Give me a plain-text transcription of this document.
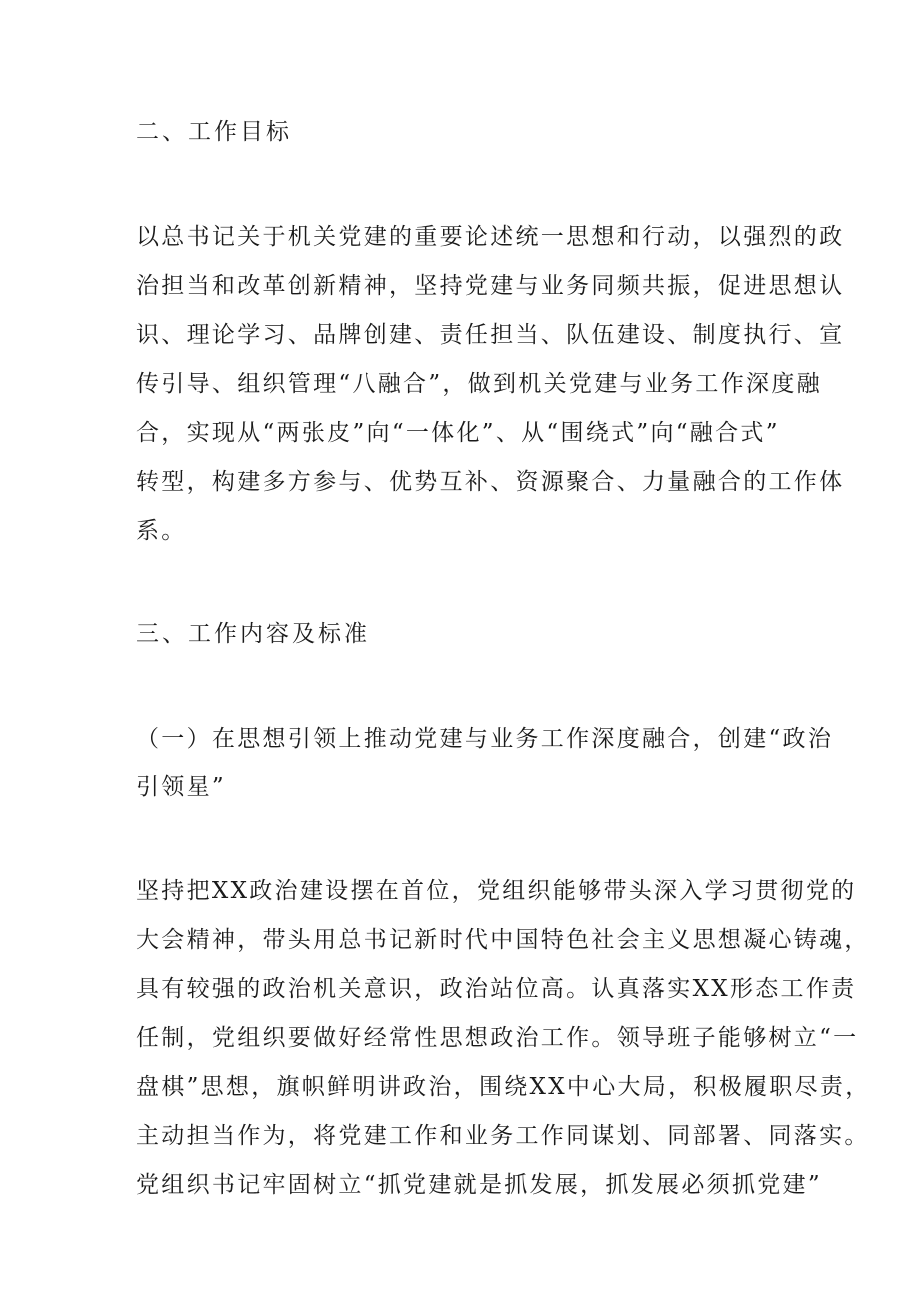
二、工作目标

以总书记关于机关党建的重要论述统一思想和行动，以强烈的政

治担当和改革创新精神，坚持党建与业务同频共振，促进思想认

识、理论学习、品牌创建、责任担当、队伍建设、制度执行、宣

传引导、组织管理“八融合”，做到机关党建与业务工作深度融

合，实现从“两张皮”向“一体化”、从“围绕式”向“融合式”

转型，构建多方参与、优势互补、资源聚合、力量融合的工作体

系。

三、工作内容及标准

（一）在思想引领上推动党建与业务工作深度融合，创建“政治

引领星”

坚持把XX政治建设摆在首位，党组织能够带头深入学习贯彻党的

大会精神，带头用总书记新时代中国特色社会主义思想凝心铸魂，

具有较强的政治机关意识，政治站位高。认真落实XX形态工作责

任制，党组织要做好经常性思想政治工作。领导班子能够树立“一

盘棋”思想，旗帜鲜明讲政治，围绕XX中心大局，积极履职尽责，

主动担当作为，将党建工作和业务工作同谋划、同部署、同落实。

党组织书记牢固树立“抓党建就是抓发展，抓发展必须抓党建”
